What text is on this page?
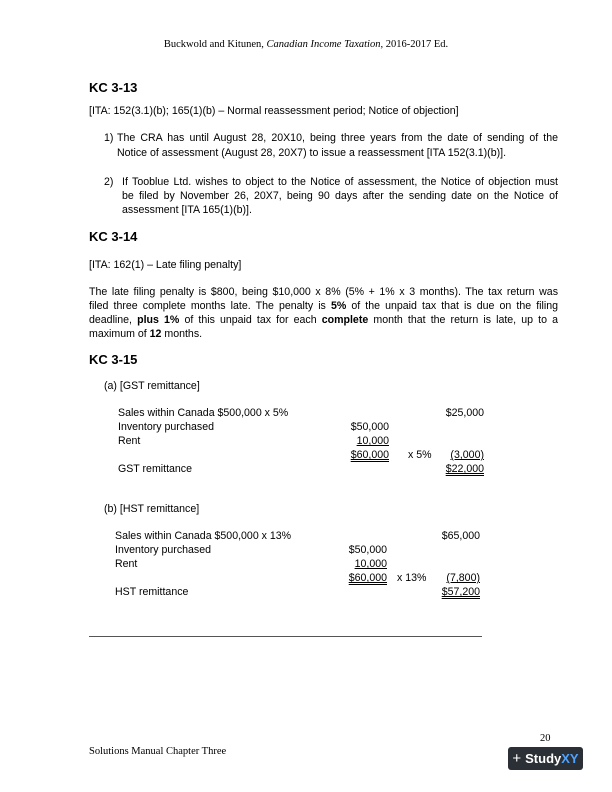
Buckwold and Kitunen, Canadian Income Taxation, 2016-2017 Ed.
KC 3-13
[ITA: 152(3.1)(b); 165(1)(b) – Normal reassessment period; Notice of objection]
1) The CRA has until August 28, 20X10, being three years from the date of sending of the
Notice of assessment (August 28, 20X7) to issue a reassessment [ITA 152(3.1)(b)].
2) If Tooblue Ltd. wishes to object to the Notice of assessment, the Notice of objection must
be filed by November 26, 20X7, being 90 days after the sending date on the Notice of
assessment [ITA 165(1)(b)].
KC 3-14
[ITA: 162(1) – Late filing penalty]
The late filing penalty is $800, being $10,000 x 8% (5% + 1% x 3 months). The tax return was
filed three complete months late. The penalty is 5% of the unpaid tax that is due on the filing
deadline, plus 1% of this unpaid tax for each complete month that the return is late, up to a
maximum of 12 months.
KC 3-15
(a) [GST remittance]
Sales within Canada $500,000 x 5%	$25,000
Inventory purchased	$50,000
Rent	10,000
$60,000 x 5%	(3,000)
GST remittance	$22,000
(b) [HST remittance]
Sales within Canada $500,000 x 13%	$65,000
Inventory purchased	$50,000
Rent	10,000
$60,000 x 13%	(7,800)
HST remittance	$57,200
20
Solutions Manual Chapter Three	+ StudyXY
